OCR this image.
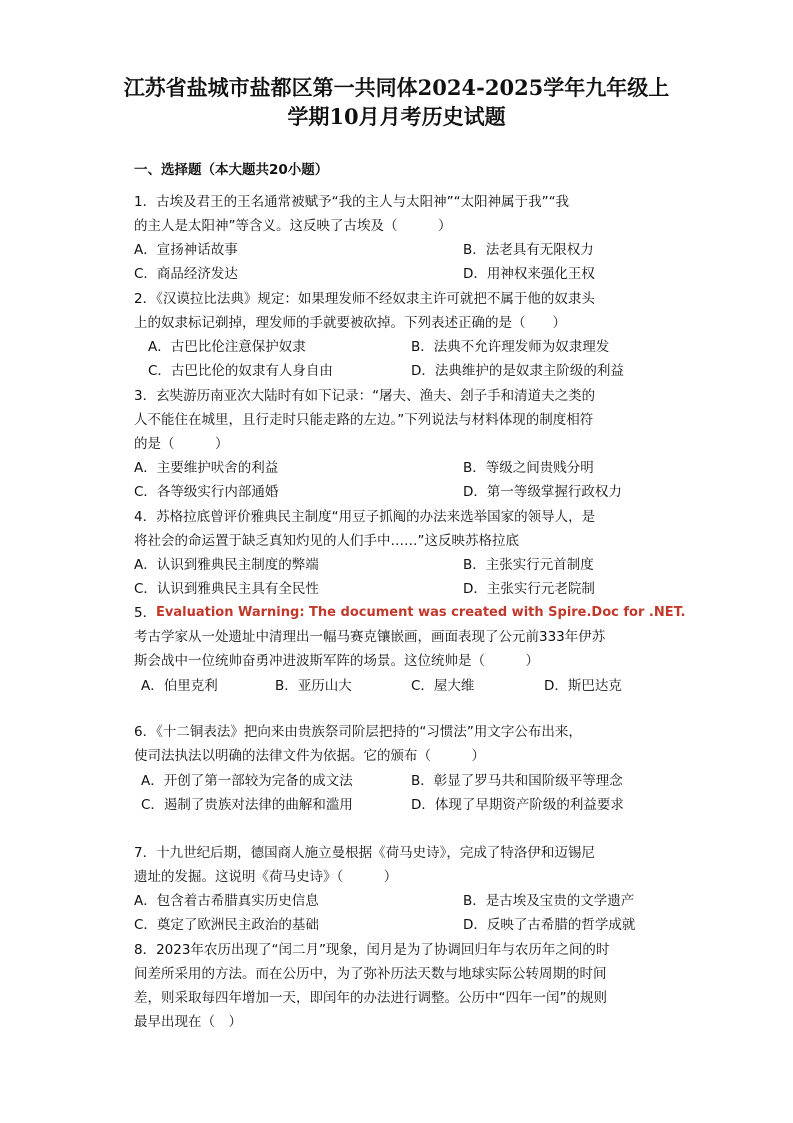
江苏省盐城市盐都区第一共同体2024-2025学年九年级上
学期10月月考历史试题
一、选择题（本大题共20小题）
1．古埃及君王的王名通常被赋予“我的主人与太阳神”“太阳神属于我”“我
的主人是太阳神”等含义。这反映了古埃及（　　　）
A．宣扬神话故事	B．法老具有无限权力
C．商品经济发达	D．用神权来强化王权
2．《汉谟拉比法典》规定：如果理发师不经奴隶主许可就把不属于他的奴隶头
上的奴隶标记剃掉，理发师的手就要被砍掉。下列表述正确的是（　　）
A．古巴比伦注意保护奴隶	B．法典不允许理发师为奴隶理发
C．古巴比伦的奴隶有人身自由	D．法典维护的是奴隶主阶级的利益
3．玄奘游历南亚次大陆时有如下记录：“屠夫、渔夫、刽子手和清道夫之类的
人不能住在城里，且行走时只能走路的左边。”下列说法与材料体现的制度相符
的是（　　　）
A．主要维护吠舍的利益	B．等级之间贵贱分明
C．各等级实行内部通婚	D．第一等级掌握行政权力
4．苏格拉底曾评价雅典民主制度“用豆子抓阄的办法来选举国家的领导人，是
将社会的命运置于缺乏真知灼见的人们手中……”这反映苏格拉底
A．认识到雅典民主制度的弊端	B．主张实行元首制度
C．认识到雅典民主具有全民性	D．主张实行元老院制
5． Evaluation Warning: The document was created with Spire.Doc for .NET.
考古学家从一处遗址中清理出一幅马赛克镶嵌画，画面表现了公元前333年伊苏
斯会战中一位统帅奋勇冲进波斯军阵的场景。这位统帅是（　　　）
A．伯里克利	B．亚历山大	C．屋大维	D．斯巴达克
6．《十二铜表法》把向来由贵族祭司阶层把持的“习惯法”用文字公布出来，
使司法执法以明确的法律文件为依据。它的颁布（　　　）
A．开创了第一部较为完备的成文法	B．彰显了罗马共和国阶级平等理念
C．遏制了贵族对法律的曲解和滥用	D．体现了早期资产阶级的利益要求
7．十九世纪后期，德国商人施立曼根据《荷马史诗》，完成了特洛伊和迈锡尼
遗址的发掘。这说明《荷马史诗》（　　　）
A．包含着古希腊真实历史信息	B．是古埃及宝贵的文学遗产
C．奠定了欧洲民主政治的基础	D．反映了古希腊的哲学成就
8．2023年农历出现了“闰二月”现象，闰月是为了协调回归年与农历年之间的时
间差所采用的方法。而在公历中，为了弥补历法天数与地球实际公转周期的时间
差，则采取每四年增加一天，即闰年的办法进行调整。公历中“四年一闰”的规则
最早出现在（　）
